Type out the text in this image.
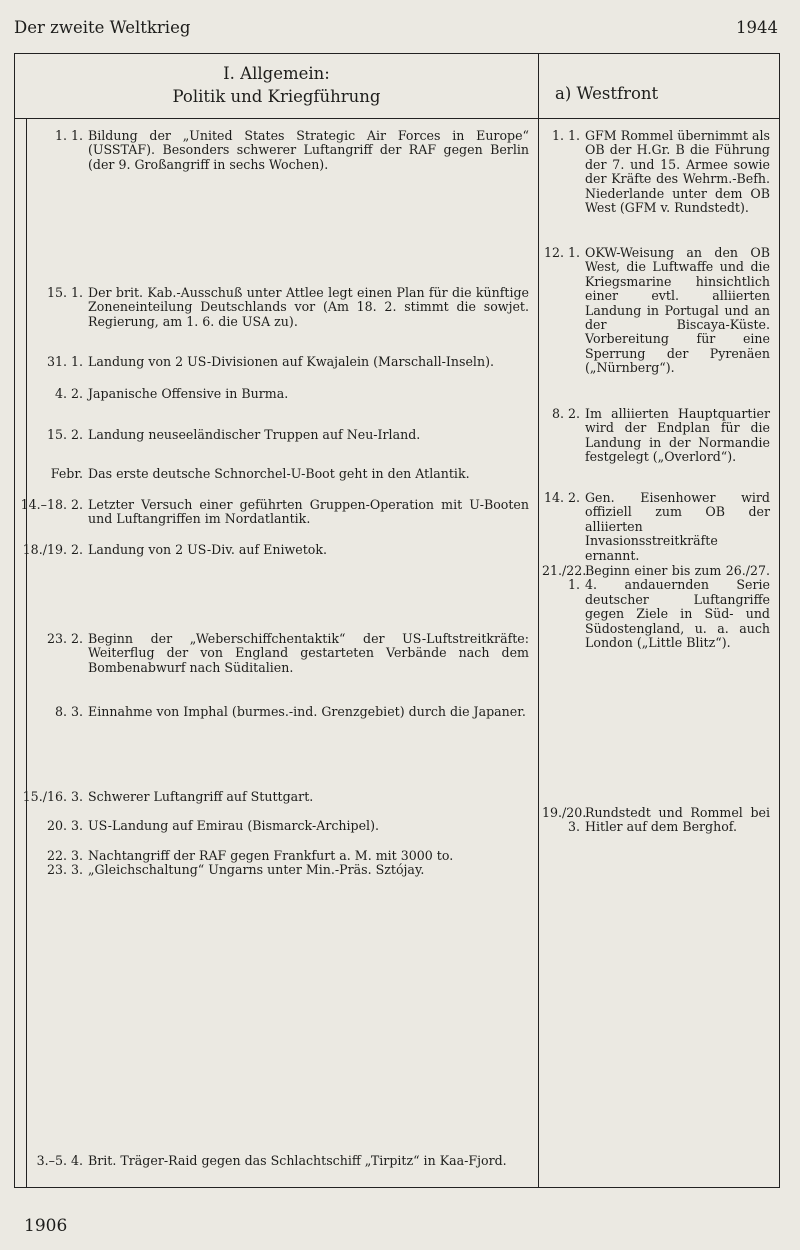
Der zweite Weltkrieg	1944
I. Allgemein:
Politik und Kriegführung	a) Westfront
1. 1. Bildung der „United States Strategic Air Forces in Europe“ (USSTAF). Besonders schwerer Luftangriff der RAF gegen Berlin (der 9. Großangriff in sechs Wochen).
15. 1. Der brit. Kab.-Ausschuß unter Attlee legt einen Plan für die künftige Zoneneinteilung Deutschlands vor (Am 18. 2. stimmt die sowjet. Regierung, am 1. 6. die USA zu).
31. 1. Landung von 2 US-Divisionen auf Kwajalein (Marschall-Inseln).
4. 2. Japanische Offensive in Burma.
15. 2. Landung neuseeländischer Truppen auf Neu-Irland.
Febr. Das erste deutsche Schnorchel-U-Boot geht in den Atlantik.
14.–18. 2. Letzter Versuch einer geführten Gruppen-Operation mit U-Booten und Luftangriffen im Nordatlantik.
18./19. 2. Landung von 2 US-Div. auf Eniwetok.
23. 2. Beginn der „Weberschiffchentaktik“ der US-Luftstreitkräfte: Weiterflug der von England gestarteten Verbände nach dem Bombenabwurf nach Süditalien.
8. 3. Einnahme von Imphal (burmes.-ind. Grenzgebiet) durch die Japaner.
15./16. 3. Schwerer Luftangriff auf Stuttgart.
20. 3. US-Landung auf Emirau (Bismarck-Archipel).
22. 3. Nachtangriff der RAF gegen Frankfurt a. M. mit 3000 to.
23. 3. „Gleichschaltung“ Ungarns unter Min.-Präs. Sztójay.
3.–5. 4. Brit. Träger-Raid gegen das Schlachtschiff „Tirpitz“ in Kaa-Fjord.
1. 1. GFM Rommel übernimmt als OB der H.Gr. B die Führung der 7. und 15. Armee sowie der Kräfte des Wehrm.-Befh. Niederlande unter dem OB West (GFM v. Rundstedt).
12. 1. OKW-Weisung an den OB West, die Luftwaffe und die Kriegsmarine hinsichtlich einer evtl. alliierten Landung in Portugal und an der Biscaya-Küste. Vorbereitung für eine Sperrung der Pyrenäen („Nürnberg“).
8. 2. Im alliierten Hauptquartier wird der Endplan für die Landung in der Normandie festgelegt („Overlord“).
14. 2. Gen. Eisenhower wird offiziell zum OB der alliierten Invasionsstreitkräfte ernannt.
21./22. 1.
Beginn einer bis zum 26./27. 4. andauernden Serie deutscher Luftangriffe gegen Ziele in Süd- und Südostengland, u. a. auch London („Little Blitz“).
19./20. 3.
Rundstedt und Rommel bei Hitler auf dem Berghof.
1906
